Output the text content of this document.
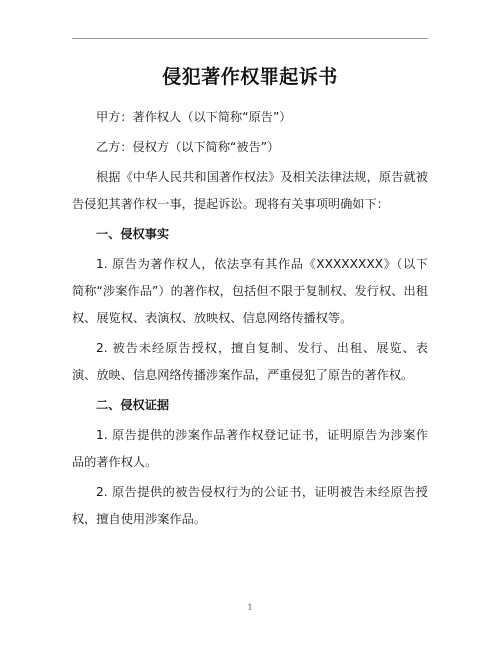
侵犯著作权罪起诉书

甲方：著作权人（以下简称“原告”）

乙方：侵权方（以下简称“被告”）

根据《中华人民共和国著作权法》及相关法律法规，原告就被告侵犯其著作权一事，提起诉讼。现将有关事项明确如下：

一、侵权事实

1. 原告为著作权人，依法享有其作品《XXXXXXXX》（以下简称“涉案作品”）的著作权，包括但不限于复制权、发行权、出租权、展览权、表演权、放映权、信息网络传播权等。

2. 被告未经原告授权，擅自复制、发行、出租、展览、表演、放映、信息网络传播涉案作品，严重侵犯了原告的著作权。

二、侵权证据

1. 原告提供的涉案作品著作权登记证书，证明原告为涉案作品的著作权人。

2. 原告提供的被告侵权行为的公证书，证明被告未经原告授权，擅自使用涉案作品。

1
